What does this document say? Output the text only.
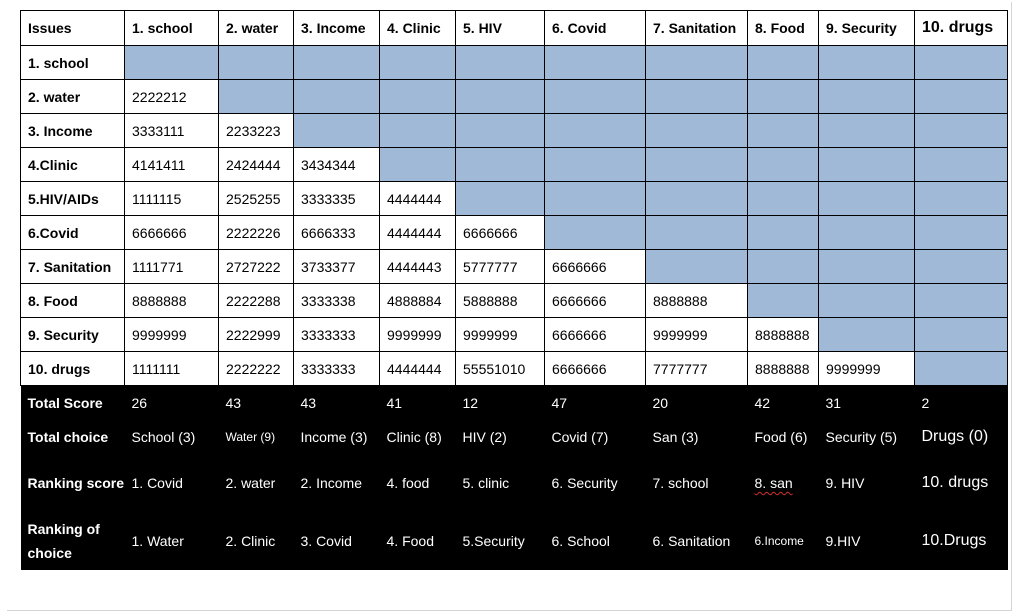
Issues	1. school	2. water	3. Income	4. Clinic	5. HIV	6. Covid	7. Sanitation	8. Food	9. Security	10. drugs
1. school										
2. water	2222212									
3. Income	3333111	2233223								
4.Clinic	4141411	2424444	3434344							
5.HIV/AIDs	1111115	2525255	3333335	4444444						
6.Covid	6666666	2222226	6666333	4444444	6666666					
7. Sanitation	1111771	2727222	3733377	4444443	5777777	6666666				
8. Food	8888888	2222288	3333338	4888884	5888888	6666666	8888888			
9. Security	9999999	2222999	3333333	9999999	9999999	6666666	9999999	8888888		
10. drugs	1111111	2222222	3333333	4444444	55551010	6666666	7777777	8888888	9999999	
Total Score	26	43	43	41	12	47	20	42	31	2
Total choice	School (3)	Water (9)	Income (3)	Clinic (8)	HIV (2)	Covid (7)	San (3)	Food (6)	Security (5)	Drugs (0)
Ranking score	1. Covid	2. water	2. Income	4. food	5. clinic	6. Security	7. school	8. san	9. HIV	10. drugs
Ranking of choice	1. Water	2. Clinic	3. Covid	4. Food	5.Security	6. School	6. Sanitation	6.Income	9.HIV	10.Drugs
